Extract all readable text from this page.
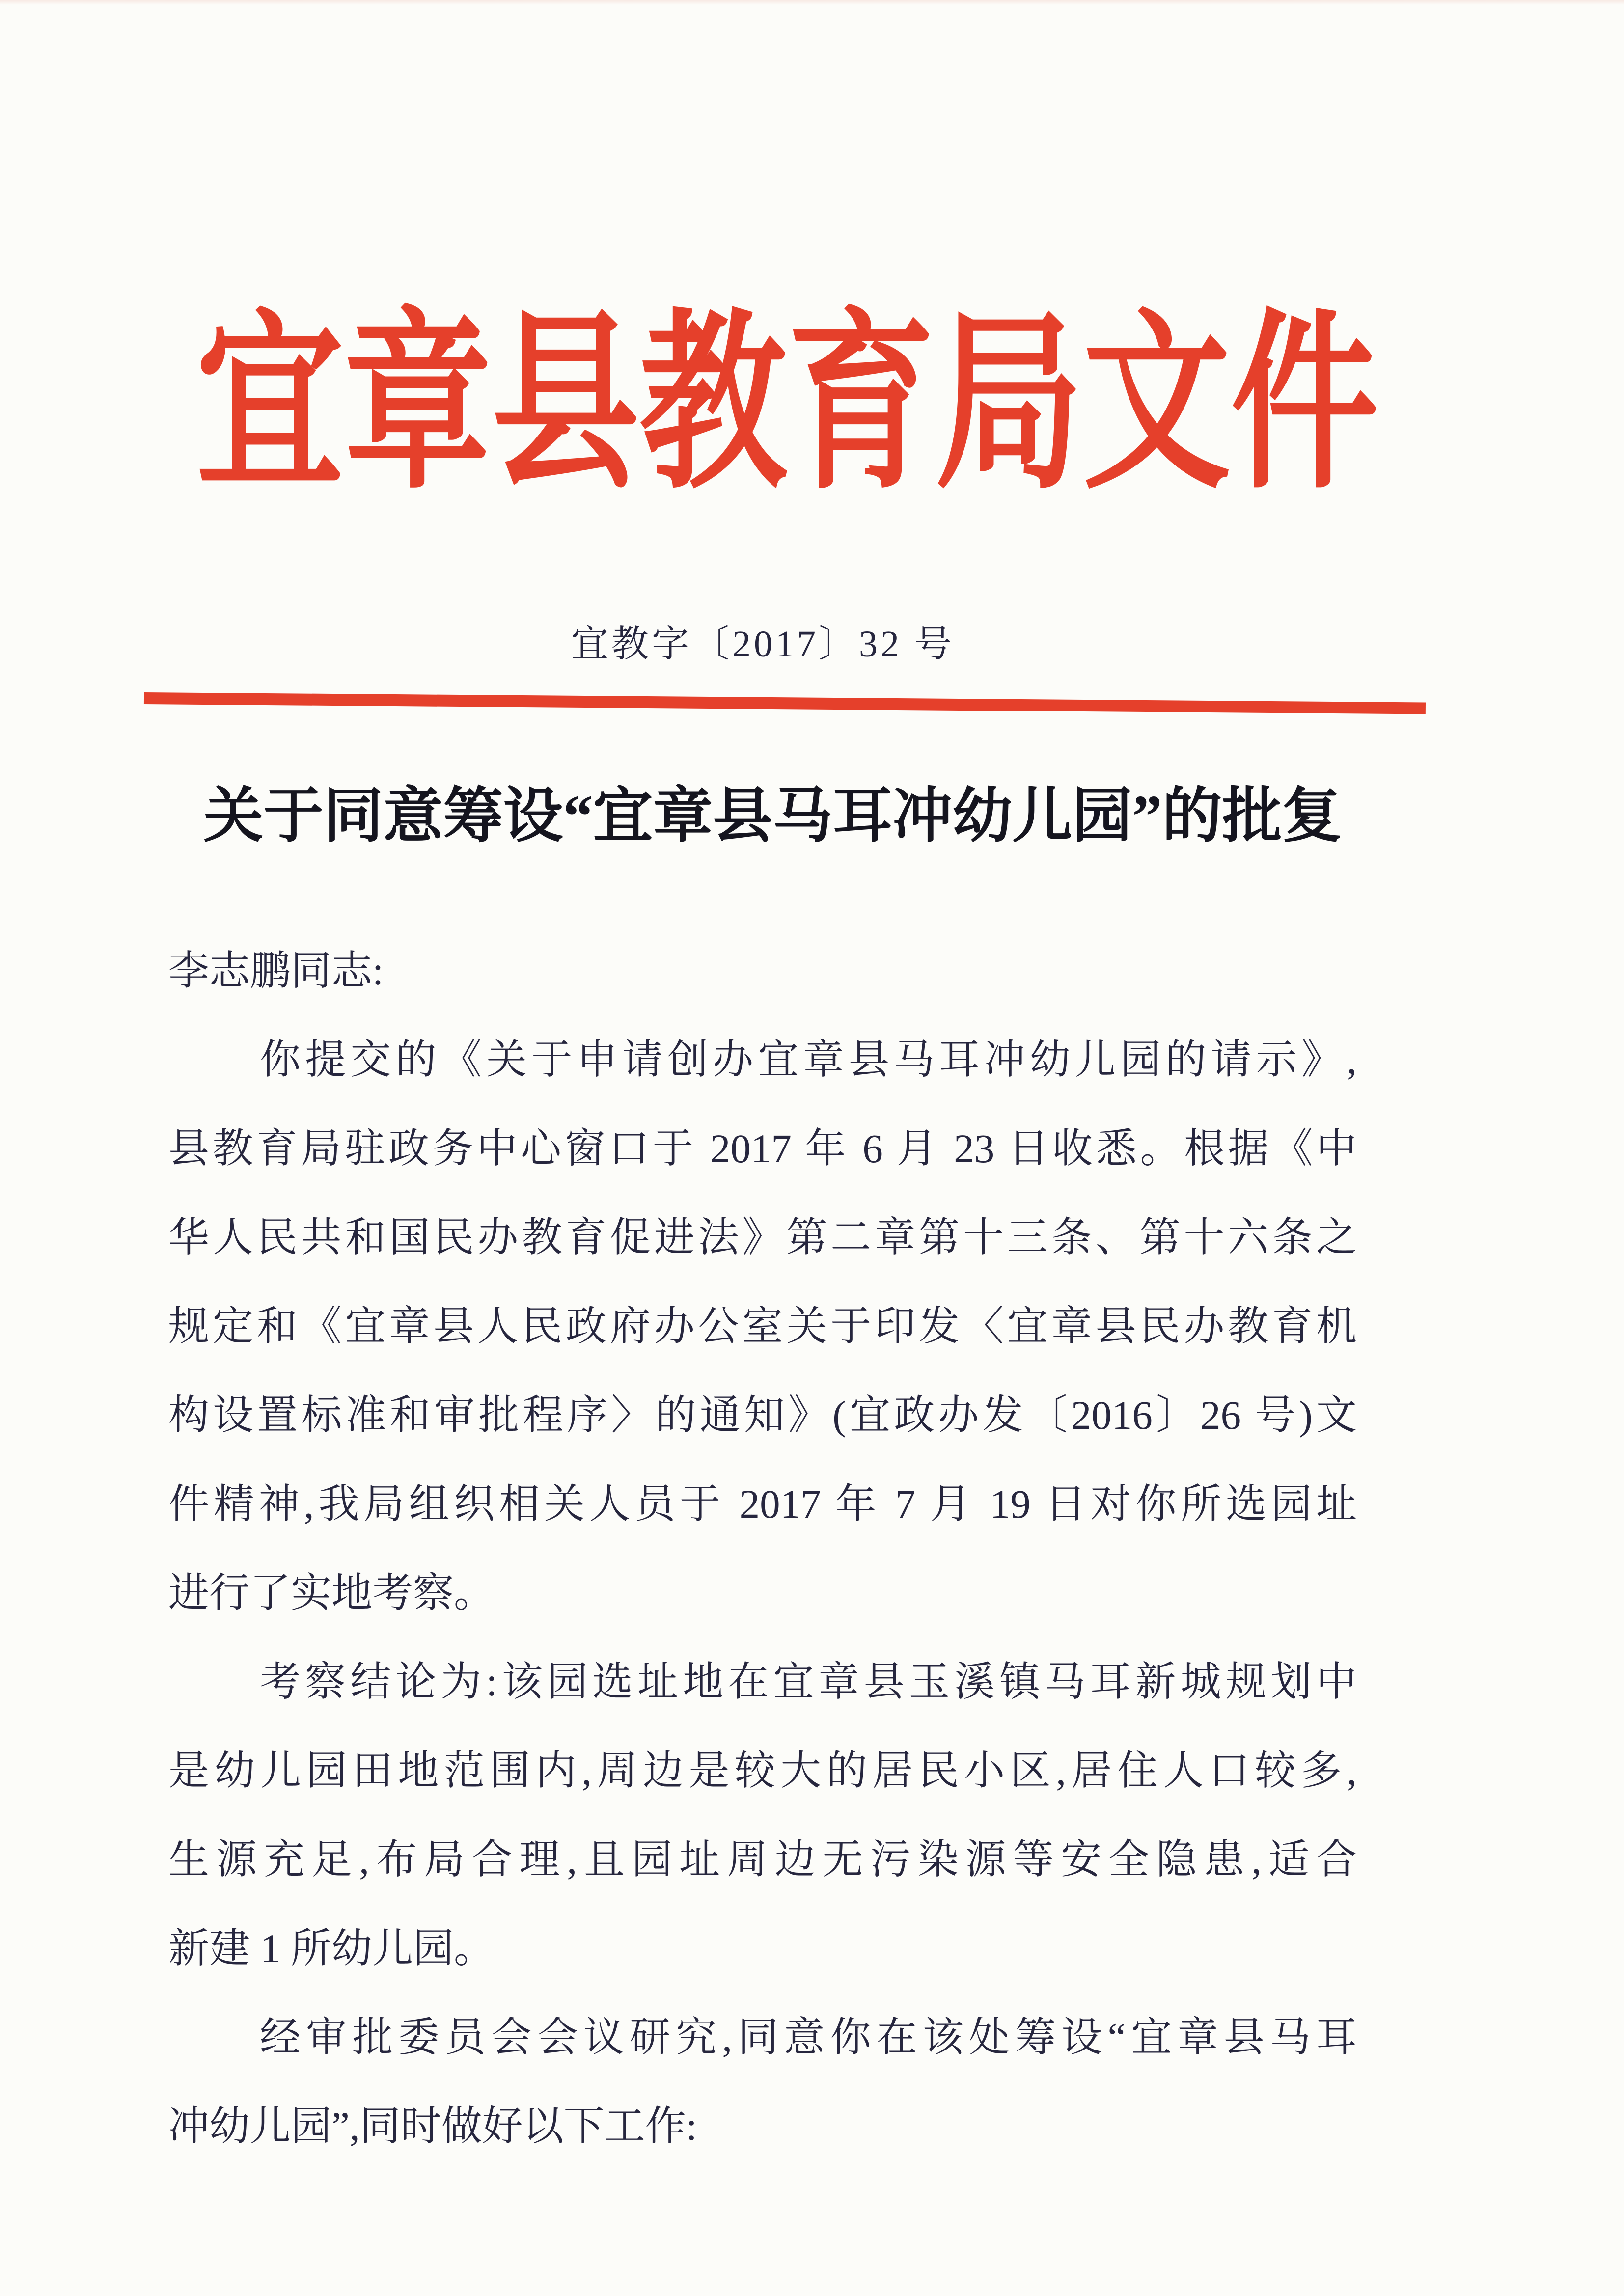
宜章县教育局文件
宜教字〔2017〕32 号
关于同意筹设“宜章县马耳冲幼儿园”的批复
李志鹏同志:
你提交的《关于申请创办宜章县马耳冲幼儿园的请示》,
县教育局驻政务中心窗口于 2017 年 6 月 23 日收悉。根据《中
华人民共和国民办教育促进法》第二章第十三条、第十六条之
规定和《宜章县人民政府办公室关于印发〈宜章县民办教育机
构设置标准和审批程序〉的通知》(宜政办发〔2016〕26 号)文
件精神,我局组织相关人员于 2017 年 7 月 19 日对你所选园址
进行了实地考察。
考察结论为:该园选址地在宜章县玉溪镇马耳新城规划中
是幼儿园田地范围内,周边是较大的居民小区,居住人口较多,
生源充足,布局合理,且园址周边无污染源等安全隐患,适合
新建 1 所幼儿园。
经审批委员会会议研究,同意你在该处筹设“宜章县马耳
冲幼儿园”,同时做好以下工作:
